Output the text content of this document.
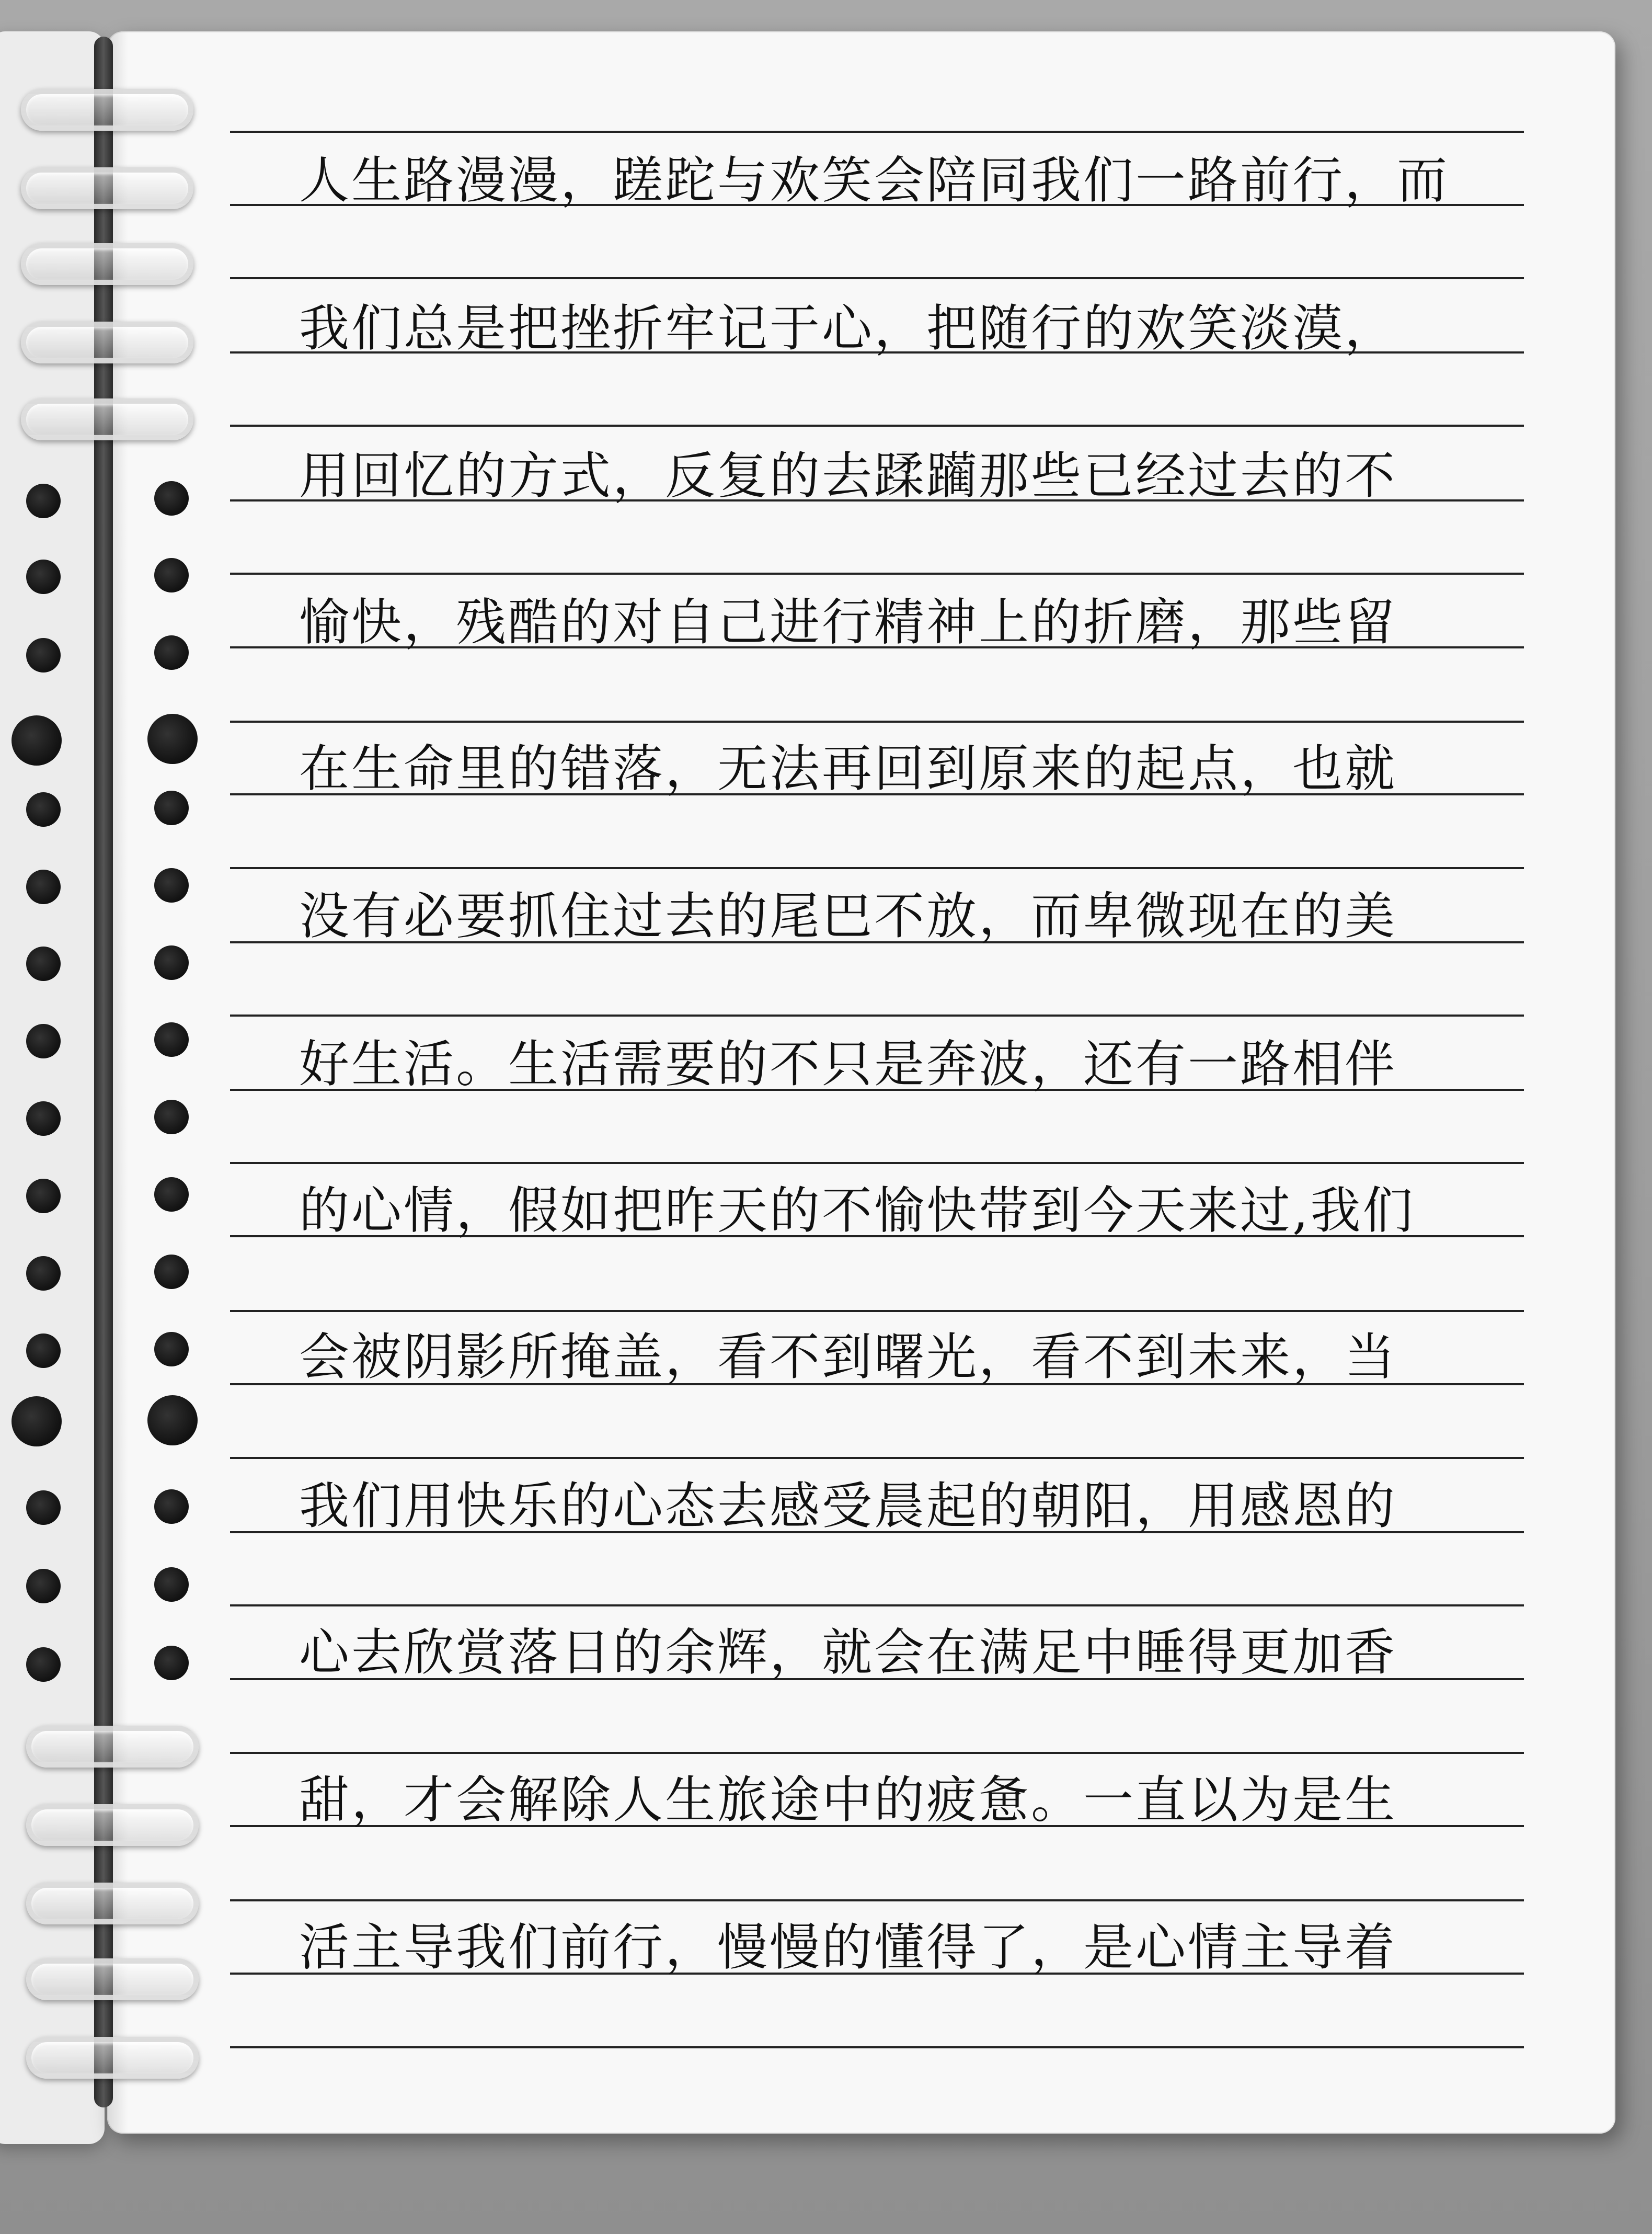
人生路漫漫，蹉跎与欢笑会陪同我们一路前行，而
我们总是把挫折牢记于心，把随行的欢笑淡漠，
用回忆的方式，反复的去蹂躏那些已经过去的不
愉快，残酷的对自己进行精神上的折磨，那些留
在生命里的错落，无法再回到原来的起点，也就
没有必要抓住过去的尾巴不放，而卑微现在的美
好生活。生活需要的不只是奔波，还有一路相伴
的心情，假如把昨天的不愉快带到今天来过,我们
会被阴影所掩盖，看不到曙光，看不到未来，当
我们用快乐的心态去感受晨起的朝阳，用感恩的
心去欣赏落日的余辉，就会在满足中睡得更加香
甜，才会解除人生旅途中的疲惫。一直以为是生
活主导我们前行，慢慢的懂得了，是心情主导着
